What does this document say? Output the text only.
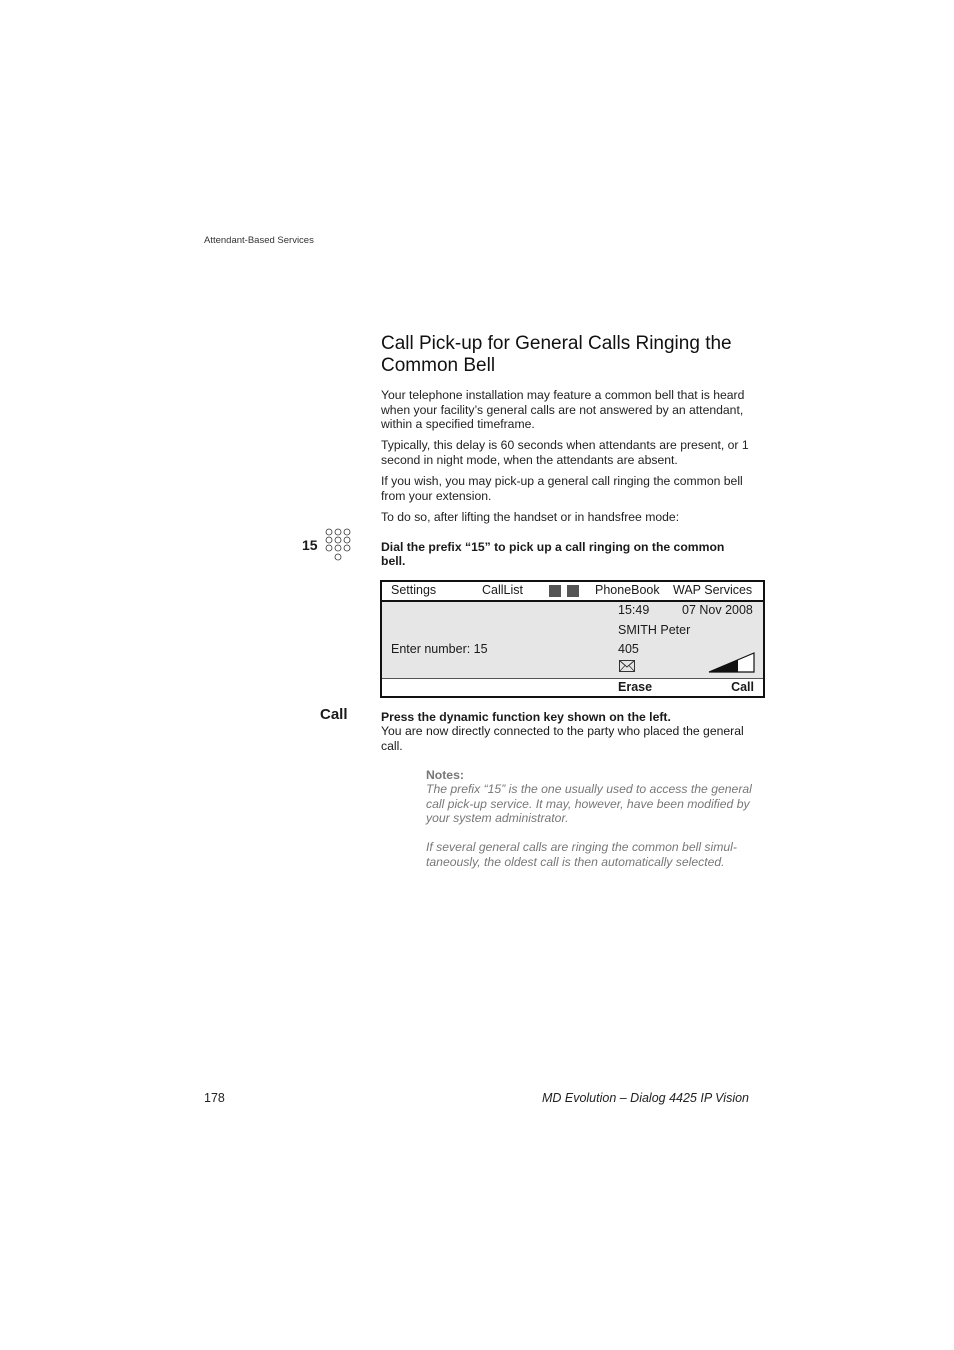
Attendant-Based Services
Call Pick-up for General Calls Ringing the Common Bell
Your telephone installation may feature a common bell that is heard when your facility’s general calls are not answered by an attendant, within a specified timeframe.
Typically, this delay is 60 seconds when attendants are present, or 1 second in night mode, when the attendants are absent.
If you wish, you may pick-up a general call ringing the common bell from your extension.
To do so, after lifting the handset or in handsfree mode:
15	Dial the prefix “15” to pick up a call ringing on the common bell.
Settings	CallList	PhoneBook WAP Services
15:49	07 Nov 2008
SMITH Peter
Enter number: 15	405
Erase	Call
Call	Press the dynamic function key shown on the left.
You are now directly connected to the party who placed the general call.
Notes:
The prefix “15” is the one usually used to access the general call pick-up service. It may, however, have been modified by your system administrator.
If several general calls are ringing the common bell simul-taneously, the oldest call is then automatically selected.
178	MD Evolution – Dialog 4425 IP Vision
